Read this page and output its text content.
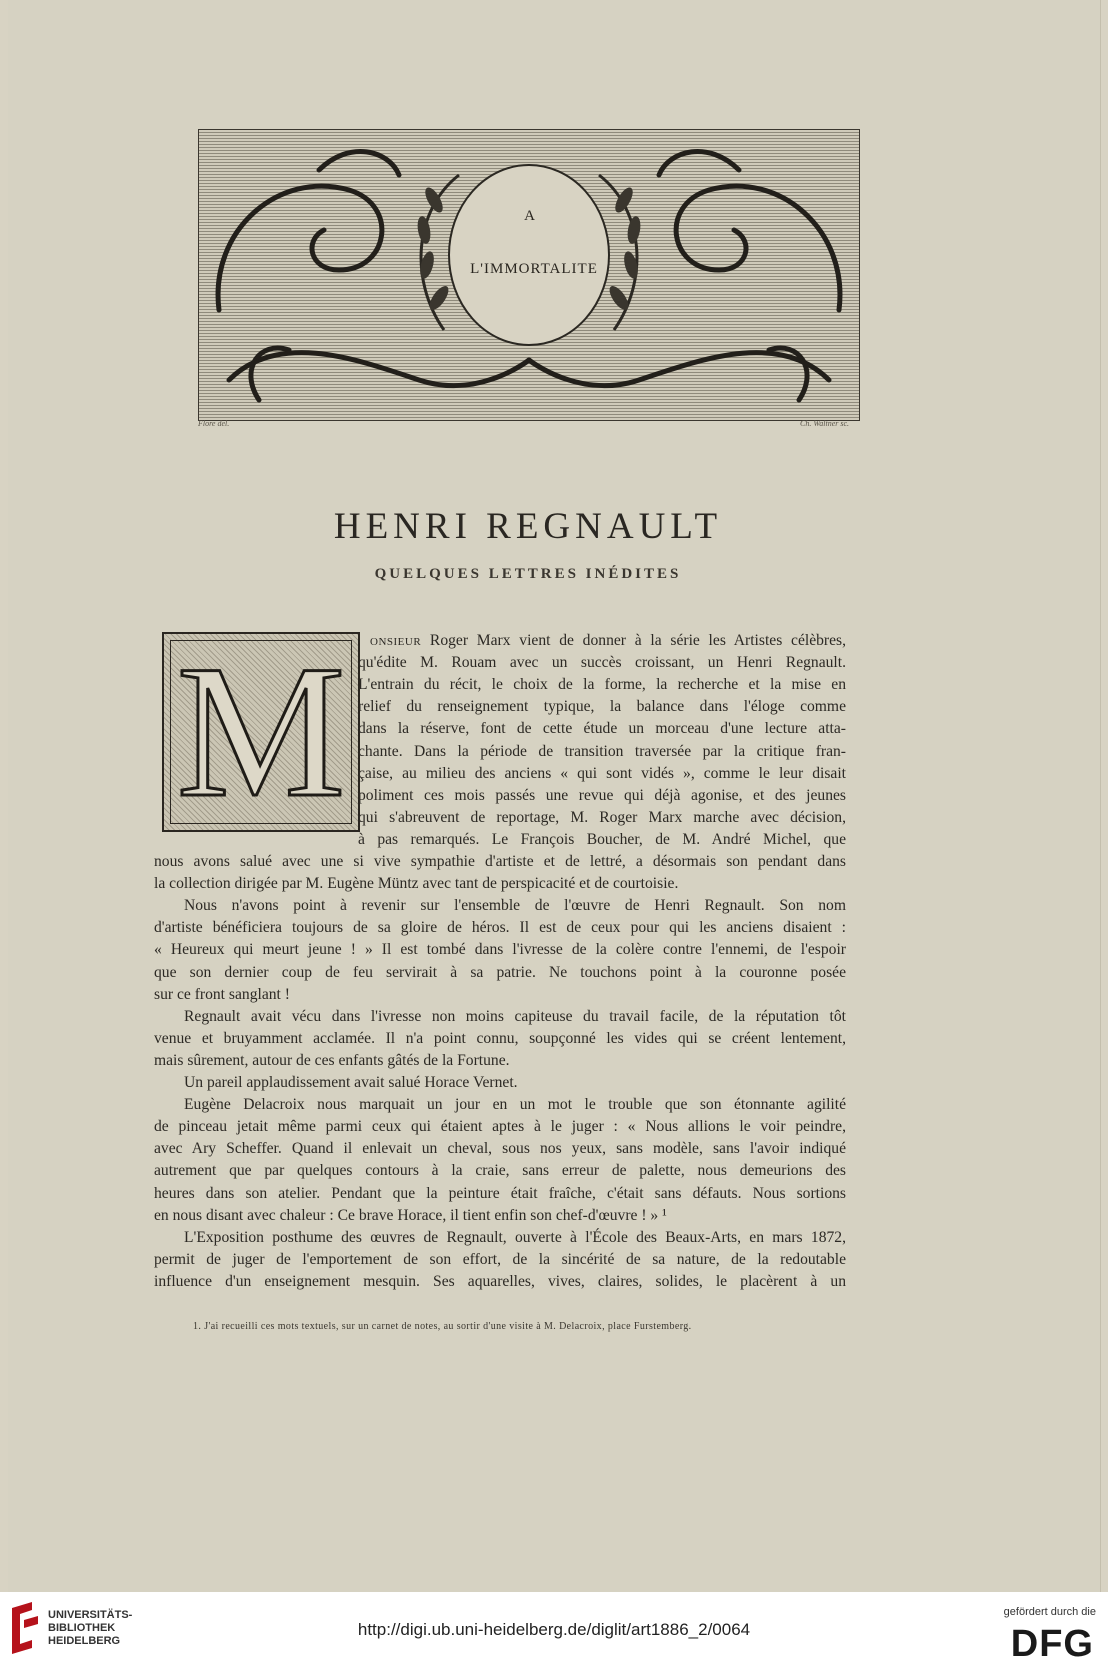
A
L'IMMORTALITE
Flore del.	Ch. Waltner sc.
HENRI REGNAULT
QUELQUES LETTRES INÉDITES
M	onsieur Roger Marx vient de donner à la série les Artistes célèbres,
qu'édite M. Rouam avec un succès croissant, un Henri Regnault.
L'entrain du récit, le choix de la forme, la recherche et la mise en
relief du renseignement typique, la balance dans l'éloge comme
dans la réserve, font de cette étude un morceau d'une lecture atta-
chante. Dans la période de transition traversée par la critique fran-
çaise, au milieu des anciens « qui sont vidés », comme le leur disait
poliment ces mois passés une revue qui déjà agonise, et des jeunes
qui s'abreuvent de reportage, M. Roger Marx marche avec décision,
à pas remarqués. Le François Boucher, de M. André Michel, que
nous avons salué avec une si vive sympathie d'artiste et de lettré, a désormais son pendant dans
la collection dirigée par M. Eugène Müntz avec tant de perspicacité et de courtoisie.
Nous n'avons point à revenir sur l'ensemble de l'œuvre de Henri Regnault. Son nom
d'artiste bénéficiera toujours de sa gloire de héros. Il est de ceux pour qui les anciens disaient :
« Heureux qui meurt jeune ! » Il est tombé dans l'ivresse de la colère contre l'ennemi, de l'espoir
que son dernier coup de feu servirait à sa patrie. Ne touchons point à la couronne posée
sur ce front sanglant !
Regnault avait vécu dans l'ivresse non moins capiteuse du travail facile, de la réputation tôt
venue et bruyamment acclamée. Il n'a point connu, soupçonné les vides qui se créent lentement,
mais sûrement, autour de ces enfants gâtés de la Fortune.
Un pareil applaudissement avait salué Horace Vernet.
Eugène Delacroix nous marquait un jour en un mot le trouble que son étonnante agilité
de pinceau jetait même parmi ceux qui étaient aptes à le juger : « Nous allions le voir peindre,
avec Ary Scheffer. Quand il enlevait un cheval, sous nos yeux, sans modèle, sans l'avoir indiqué
autrement que par quelques contours à la craie, sans erreur de palette, nous demeurions des
heures dans son atelier. Pendant que la peinture était fraîche, c'était sans défauts. Nous sortions
en nous disant avec chaleur : Ce brave Horace, il tient enfin son chef-d'œuvre ! » ¹
L'Exposition posthume des œuvres de Regnault, ouverte à l'École des Beaux-Arts, en mars 1872,
permit de juger de l'emportement de son effort, de la sincérité de sa nature, de la redoutable
influence d'un enseignement mesquin. Ses aquarelles, vives, claires, solides, le placèrent à un
1. J'ai recueilli ces mots textuels, sur un carnet de notes, au sortir d'une visite à M. Delacroix, place Furstemberg.
UNIVERSITÄTS-
BIBLIOTHEK
HEIDELBERG
http://digi.ub.uni-heidelberg.de/diglit/art1886_2/0064
gefördert durch die
DFG
